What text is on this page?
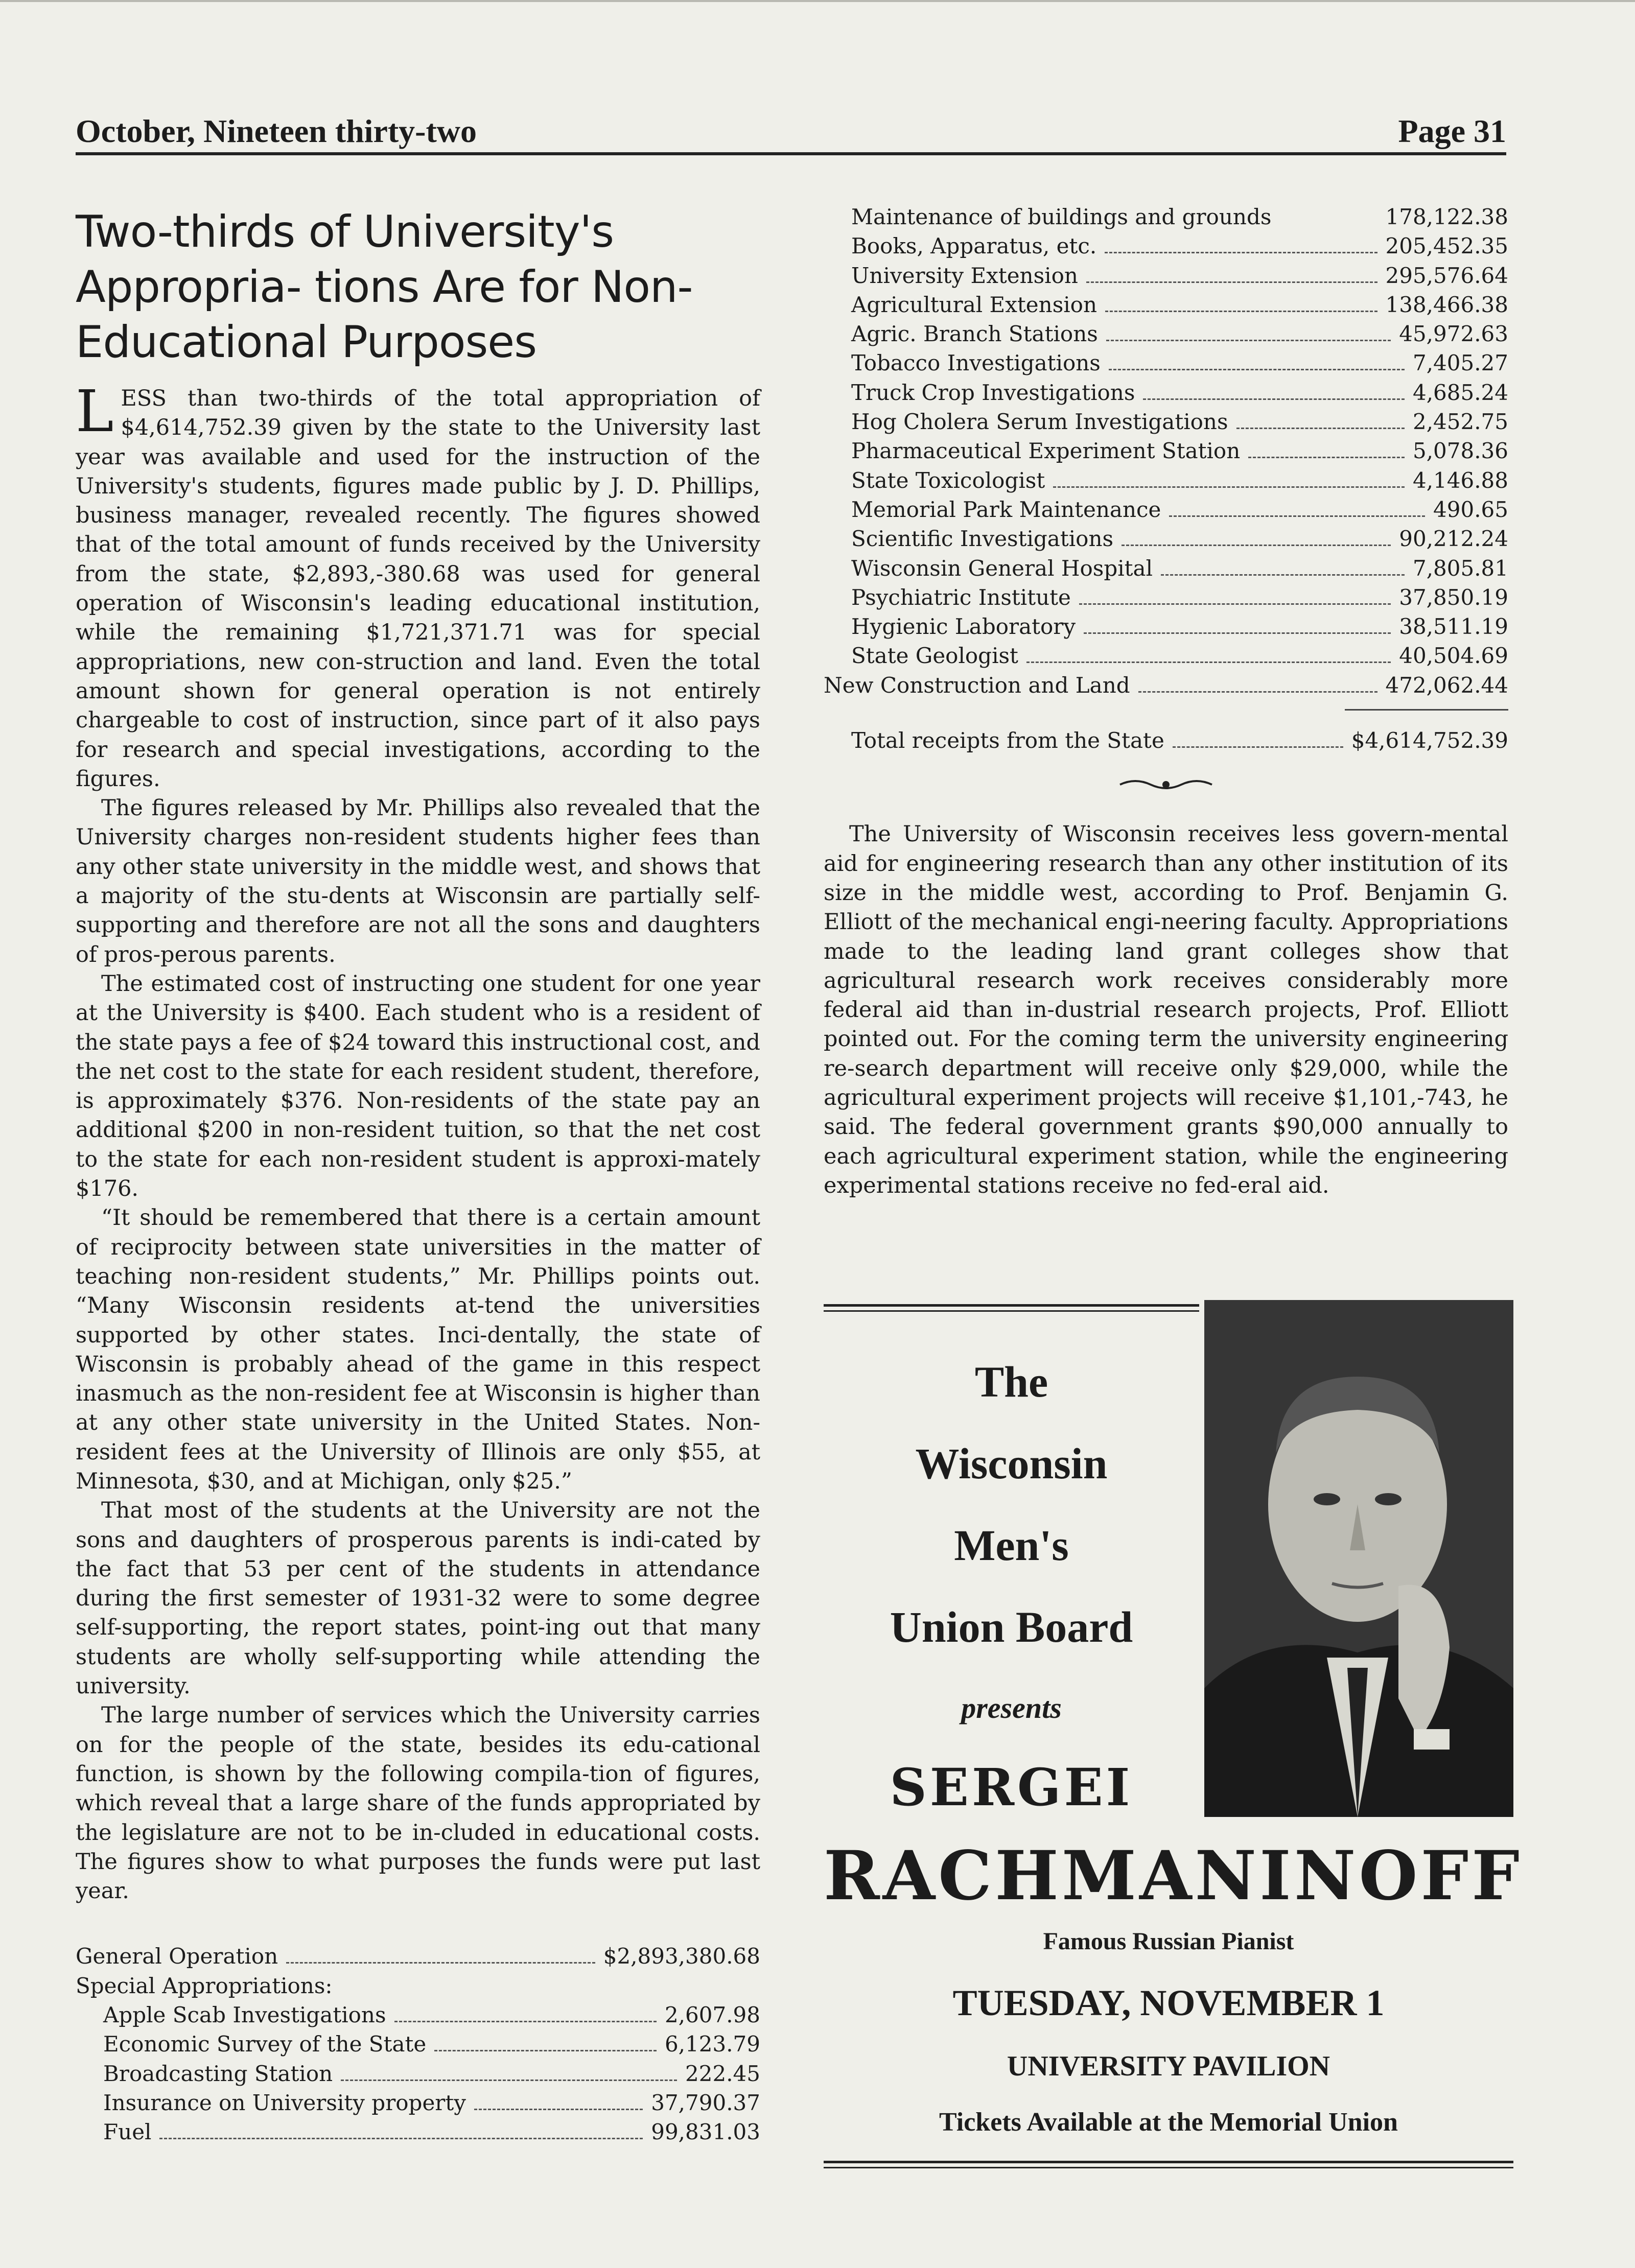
October, Nineteen thirty-two	Page 31
Two-thirds of University's Appropria- tions Are for Non-Educational Purposes

LESS than two-thirds of the total appropriation of $4,614,752.39 given by the state to the University last year was available and used for the instruction of the University's students, figures made public by J. D. Phillips, business manager, revealed recently. The figures showed that of the total amount of funds received by the University from the state, $2,893,-380.68 was used for general operation of Wisconsin's leading educational institution, while the remaining $1,721,371.71 was for special appropriations, new con-struction and land. Even the total amount shown for general operation is not entirely chargeable to cost of instruction, since part of it also pays for research and special investigations, according to the figures.

The figures released by Mr. Phillips also revealed that the University charges non-resident students higher fees than any other state university in the middle west, and shows that a majority of the stu-dents at Wisconsin are partially self-supporting and therefore are not all the sons and daughters of pros-perous parents.

The estimated cost of instructing one student for one year at the University is $400. Each student who is a resident of the state pays a fee of $24 toward this instructional cost, and the net cost to the state for each resident student, therefore, is approximately $376. Non-residents of the state pay an additional $200 in non-resident tuition, so that the net cost to the state for each non-resident student is approxi-mately $176.

“It should be remembered that there is a certain amount of reciprocity between state universities in the matter of teaching non-resident students,” Mr. Phillips points out. “Many Wisconsin residents at-tend the universities supported by other states. Inci-dentally, the state of Wisconsin is probably ahead of the game in this respect inasmuch as the non-resident fee at Wisconsin is higher than at any other state university in the United States. Non-resident fees at the University of Illinois are only $55, at Minnesota, $30, and at Michigan, only $25.”

That most of the students at the University are not the sons and daughters of prosperous parents is indi-cated by the fact that 53 per cent of the students in attendance during the first semester of 1931-32 were to some degree self-supporting, the report states, point-ing out that many students are wholly self-supporting while attending the university.

The large number of services which the University carries on for the people of the state, besides its edu-cational function, is shown by the following compila-tion of figures, which reveal that a large share of the funds appropriated by the legislature are not to be in-cluded in educational costs. The figures show to what purposes the funds were put last year.

General Operation	$2,893,380.68
Special Appropriations:
Apple Scab Investigations	2,607.98
Economic Survey of the State	6,123.79
Broadcasting Station	222.45
Insurance on University property	37,790.37
Fuel	99,831.03
Maintenance of buildings and grounds	178,122.38
Books, Apparatus, etc.	205,452.35
University Extension	295,576.64
Agricultural Extension	138,466.38
Agric. Branch Stations	45,972.63
Tobacco Investigations	7,405.27
Truck Crop Investigations	4,685.24
Hog Cholera Serum Investigations	2,452.75
Pharmaceutical Experiment Station	5,078.36
State Toxicologist	4,146.88
Memorial Park Maintenance	490.65
Scientific Investigations	90,212.24
Wisconsin General Hospital	7,805.81
Psychiatric Institute	37,850.19
Hygienic Laboratory	38,511.19
State Geologist	40,504.69
New Construction and Land	472,062.44
Total receipts from the State	$4,614,752.39

The University of Wisconsin receives less govern-mental aid for engineering research than any other institution of its size in the middle west, according to Prof. Benjamin G. Elliott of the mechanical engi-neering faculty. Appropriations made to the leading land grant colleges show that agricultural research work receives considerably more federal aid than in-dustrial research projects, Prof. Elliott pointed out. For the coming term the university engineering re-search department will receive only $29,000, while the agricultural experiment projects will receive $1,101,-743, he said. The federal government grants $90,000 annually to each agricultural experiment station, while the engineering experimental stations receive no fed-eral aid.

The
Wisconsin
Men's
Union Board
presents
SERGEI
RACHMANINOFF
Famous Russian Pianist
TUESDAY, NOVEMBER 1
UNIVERSITY PAVILION
Tickets Available at the Memorial Union
